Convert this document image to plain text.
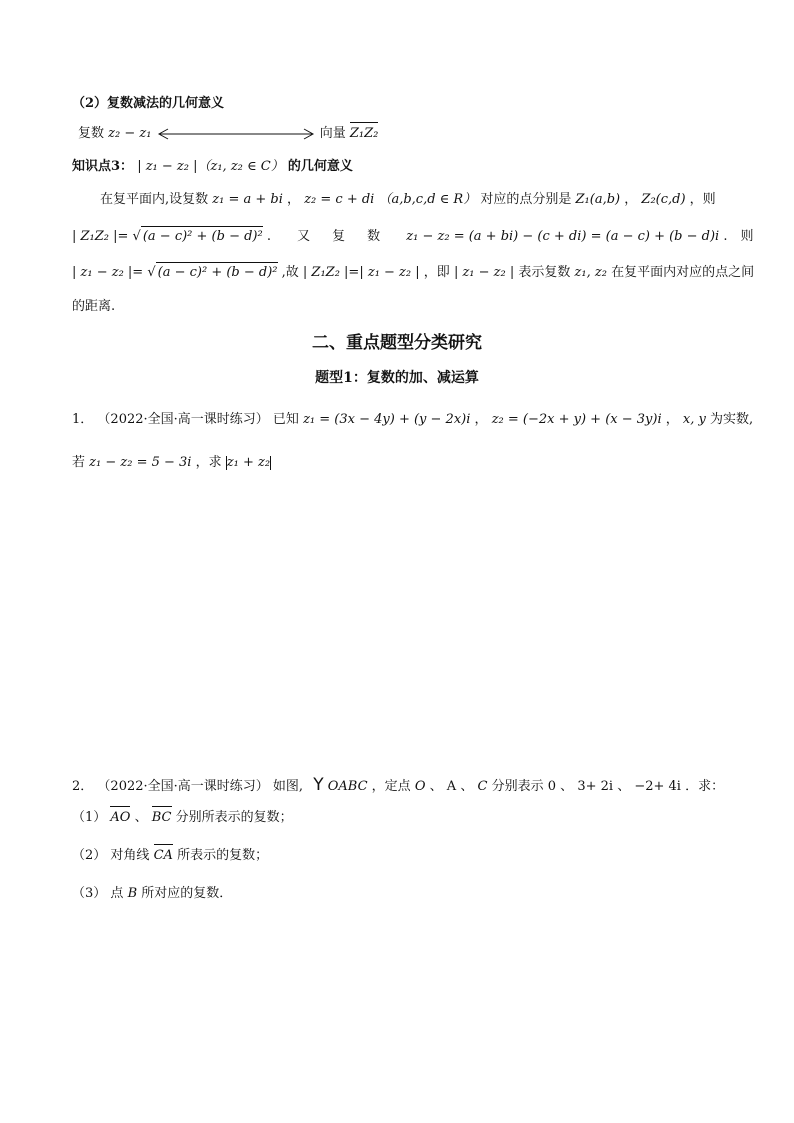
（2）复数减法的几何意义
复数 z₂ − z₁	向量 Z₁Z₂
知识点3： | z₁ − z₂ |（z₁, z₂ ∈ C） 的几何意义
在复平面内,设复数 z₁ = a + bi ， z₂ = c + di （a,b,c,d ∈ R） 对应的点分别是 Z₁(a,b) ， Z₂(c,d) ，则
| Z₁Z₂ |= √ (a − c)² + (b − d)² . 又复数 z₁ − z₂ = (a + bi) − (c + di) = (a − c) + (b − d)i .　则
| z₁ − z₂ |= √ (a − c)² + (b − d)² ,故 | Z₁Z₂ |=| z₁ − z₂ | ，即 | z₁ − z₂ | 表示复数 z₁, z₂ 在复平面内对应的点之间
的距离.
二、重点题型分类研究
题型1：复数的加、减运算
1． （2022·全国·高一课时练习） 已知 z₁ = (3x − 4y) + (y − 2x)i ， z₂ = (−2x + y) + (x − 3y)i ， x, y 为实数,
若 z₁ − z₂ = 5 − 3i ，求 z₁ + z₂
2． （2022·全国·高一课时练习） 如图, Y OABC ，定点 O 、 A 、 C 分别表示 0 、 3+ 2i 、 −2+ 4i ．求：
（1） AO 、 BC 分别所表示的复数；
（2） 对角线 CA 所表示的复数；
（3） 点 B 所对应的复数．
